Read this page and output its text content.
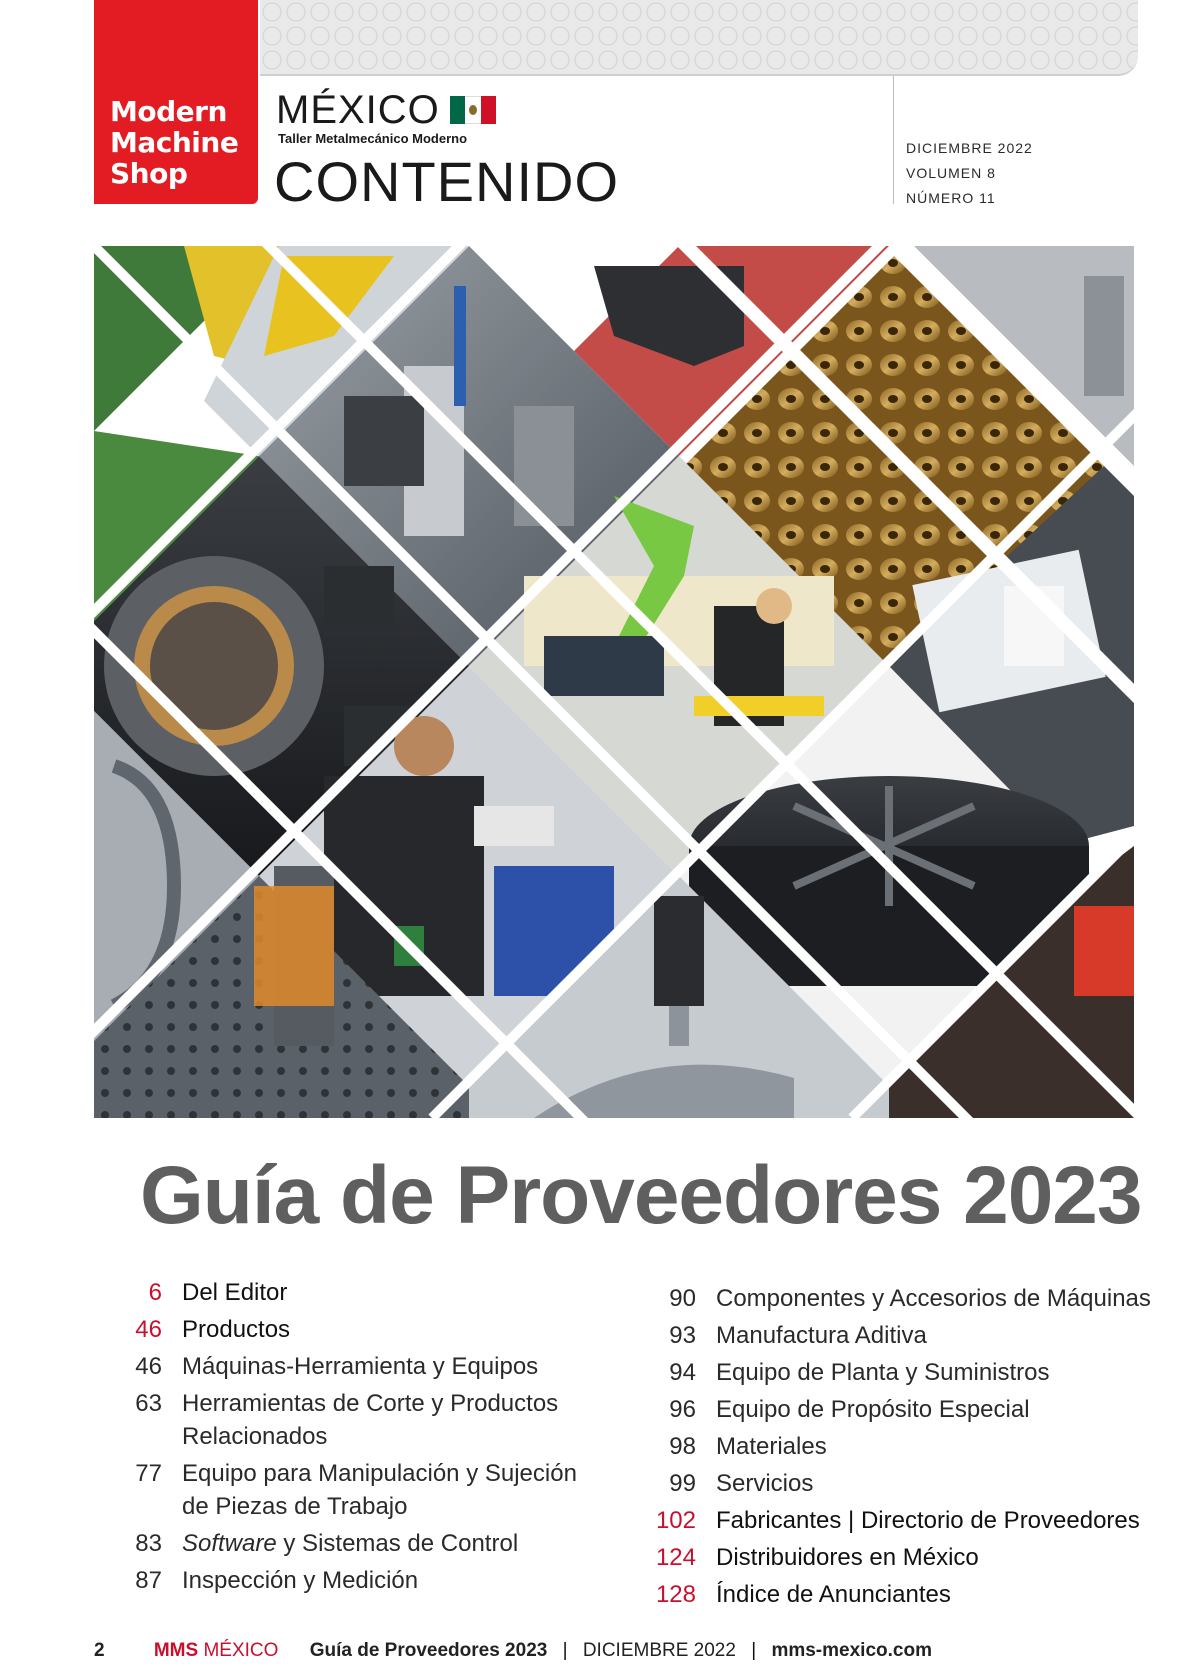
Modern
Machine
Shop
MÉXICO
Taller Metalmecánico Moderno
CONTENIDO
DICIEMBRE 2022
VOLUMEN 8
NÚMERO 11
Guía de Proveedores 2023
6 Del Editor
46 Productos
46 Máquinas-Herramienta y Equipos
63 Herramientas de Corte y Productos Relacionados
77 Equipo para Manipulación y Sujeción de Piezas de Trabajo
83 Software y Sistemas de Control
87 Inspección y Medición
90 Componentes y Accesorios de Máquinas
93 Manufactura Aditiva
94 Equipo de Planta y Suministros
96 Equipo de Propósito Especial
98 Materiales
99 Servicios
102 Fabricantes | Directorio de Proveedores
124 Distribuidores en México
128 Índice de Anunciantes
2	MMS MÉXICO Guía de Proveedores 2023 | DICIEMBRE 2022 | mms-mexico.com
